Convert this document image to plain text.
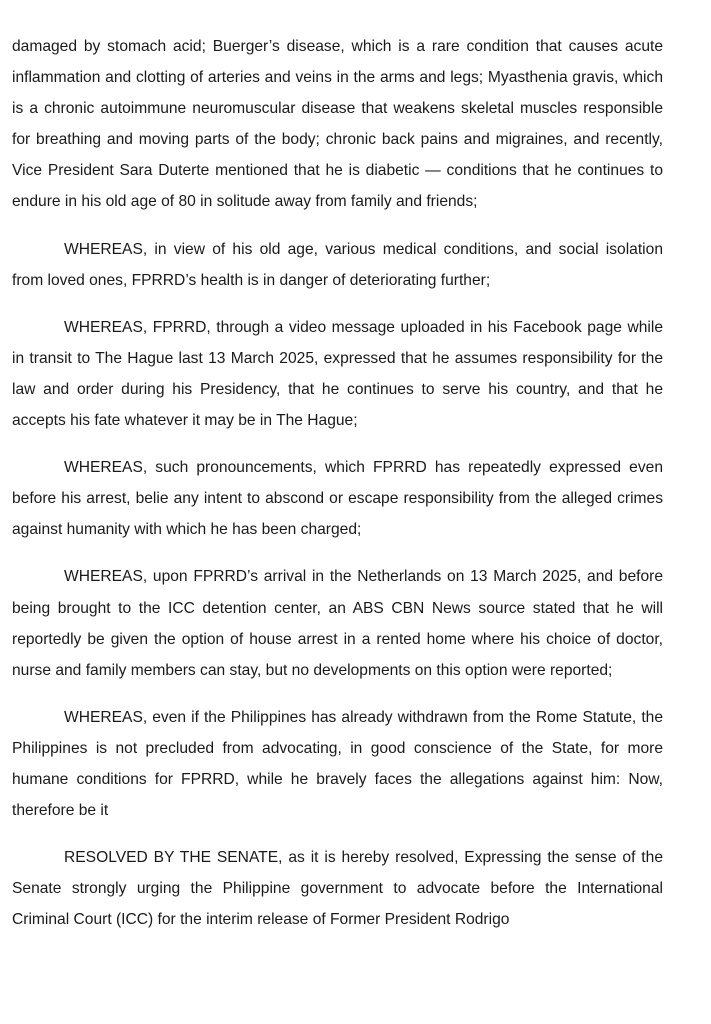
damaged by stomach acid; Buerger’s disease, which is a rare condition that causes acute inflammation and clotting of arteries and veins in the arms and legs; Myasthenia gravis, which is a chronic autoimmune neuromuscular disease that weakens skeletal muscles responsible for breathing and moving parts of the body; chronic back pains and migraines, and recently, Vice President Sara Duterte mentioned that he is diabetic — conditions that he continues to endure in his old age of 80 in solitude away from family and friends;

WHEREAS, in view of his old age, various medical conditions, and social isolation from loved ones, FPRRD’s health is in danger of deteriorating further;

WHEREAS, FPRRD, through a video message uploaded in his Facebook page while in transit to The Hague last 13 March 2025, expressed that he assumes responsibility for the law and order during his Presidency, that he continues to serve his country, and that he accepts his fate whatever it may be in The Hague;

WHEREAS, such pronouncements, which FPRRD has repeatedly expressed even before his arrest, belie any intent to abscond or escape responsibility from the alleged crimes against humanity with which he has been charged;

WHEREAS, upon FPRRD’s arrival in the Netherlands on 13 March 2025, and before being brought to the ICC detention center, an ABS CBN News source stated that he will reportedly be given the option of house arrest in a rented home where his choice of doctor, nurse and family members can stay, but no developments on this option were reported;

WHEREAS, even if the Philippines has already withdrawn from the Rome Statute, the Philippines is not precluded from advocating, in good conscience of the State, for more humane conditions for FPRRD, while he bravely faces the allegations against him: Now, therefore be it

RESOLVED BY THE SENATE, as it is hereby resolved, Expressing the sense of the Senate strongly urging the Philippine government to advocate before the International Criminal Court (ICC) for the interim release of Former President Rodrigo
